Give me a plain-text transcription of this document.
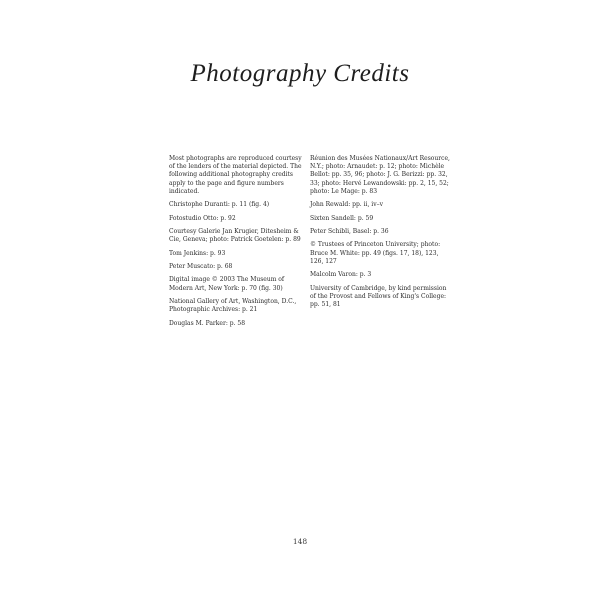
Photography Credits

Most photographs are reproduced courtesy of the lenders of the material depicted. The following additional photography credits apply to the page and figure numbers indicated.

Christophe Duranti: p. 11 (fig. 4)

Fotostudio Otto: p. 92

Courtesy Galerie Jan Krugier, Ditesheim & Cie, Geneva; photo: Patrick Goetelen: p. 89

Tom Jenkins: p. 93

Peter Muscato: p. 68

Digital image © 2003 The Museum of Modern Art, New York: p. 70 (fig. 30)

National Gallery of Art, Washington, D.C., Photographic Archives: p. 21

Douglas M. Parker: p. 58

Réunion des Musées Nationaux/Art Resource, N.Y.; photo: Arnaudet: p. 12; photo: Michèle Bellot: pp. 35, 96; photo: J. G. Berizzi: pp. 32, 33; photo: Hervé Lewandowski: pp. 2, 15, 52; photo: Le Mage: p. 83

John Rewald: pp. ii, iv–v

Sixten Sandell: p. 59

Peter Schibli, Basel: p. 36

© Trustees of Princeton University; photo: Bruce M. White: pp. 49 (figs. 17, 18), 123, 126, 127

Malcolm Varon: p. 3

University of Cambridge, by kind permission of the Provost and Fellows of King's College: pp. 51, 81

148
